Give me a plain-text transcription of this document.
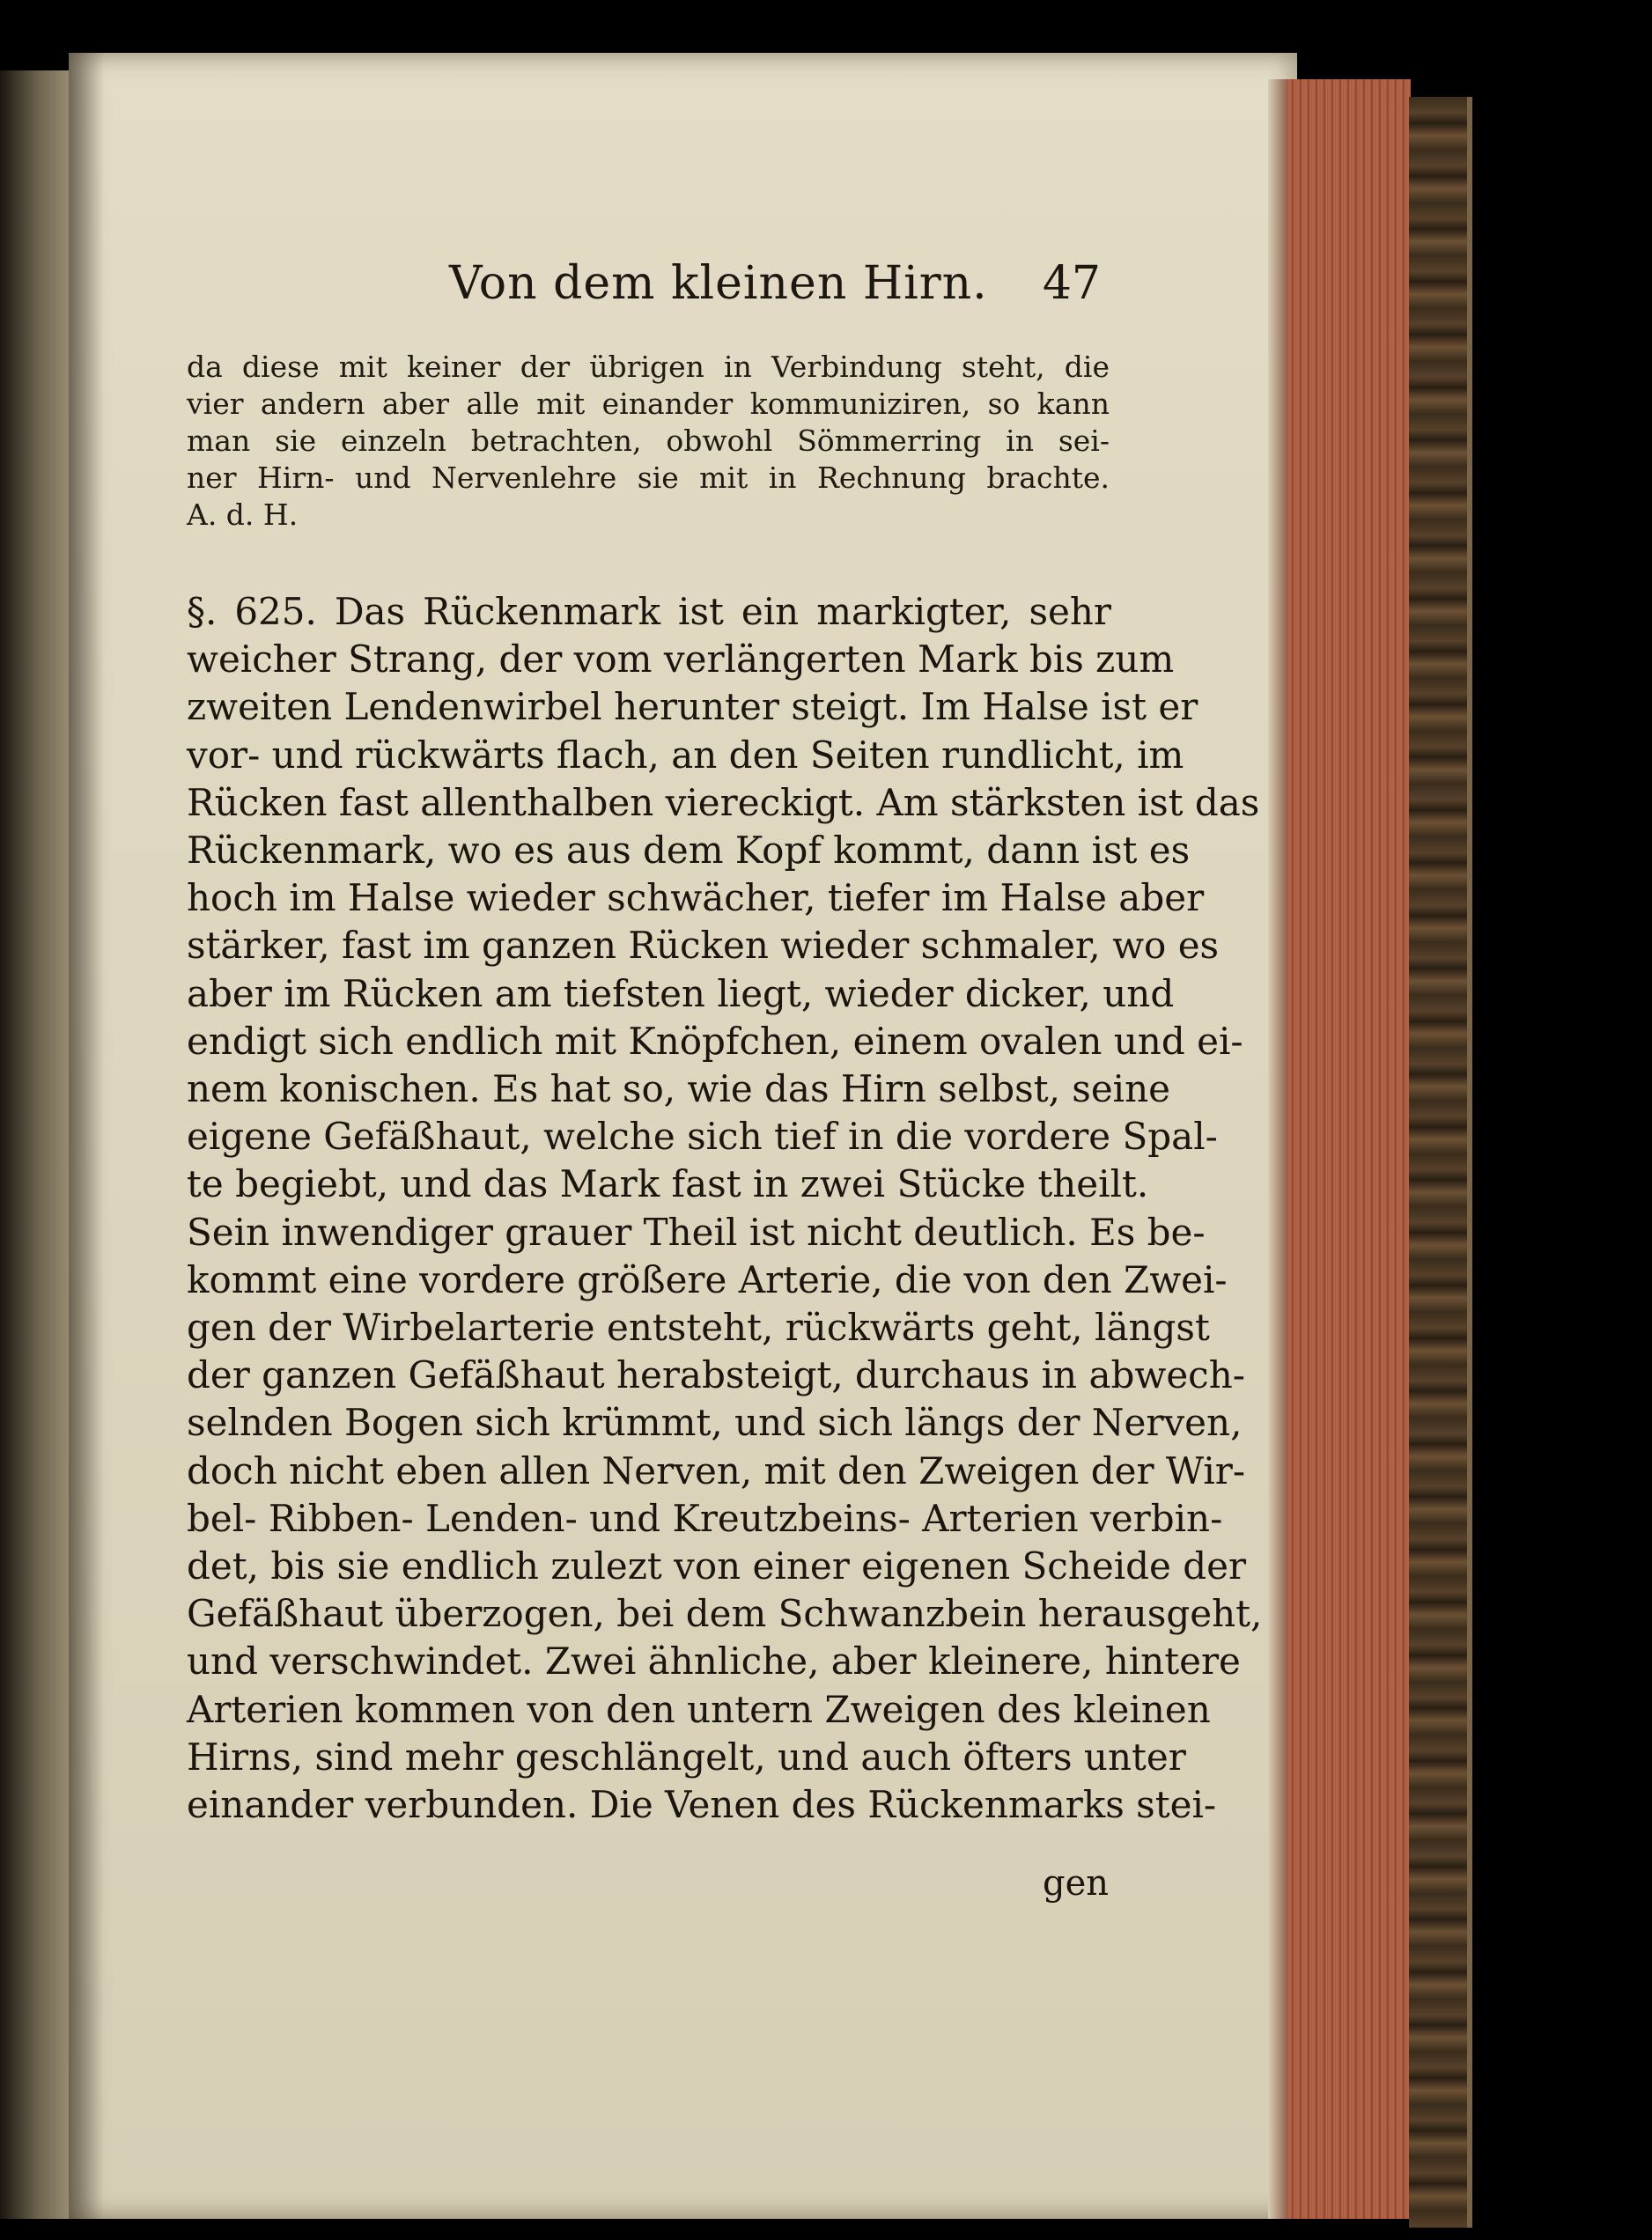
Von dem kleinen Hirn. 47
da diese mit keiner der übrigen in Verbindung steht, die
vier andern aber alle mit einander kommuniziren, so kann
man sie einzeln betrachten, obwohl Sömmerring in sei-
ner Hirn- und Nervenlehre sie mit in Rechnung brachte.
A. d. H.
§. 625. Das Rückenmark ist ein markigter, sehr
weicher Strang, der vom verlängerten Mark bis zum
zweiten Lendenwirbel herunter steigt. Im Halse ist er
vor- und rückwärts flach, an den Seiten rundlicht, im
Rücken fast allenthalben viereckigt. Am stärksten ist das
Rückenmark, wo es aus dem Kopf kommt, dann ist es
hoch im Halse wieder schwächer, tiefer im Halse aber
stärker, fast im ganzen Rücken wieder schmaler, wo es
aber im Rücken am tiefsten liegt, wieder dicker, und
endigt sich endlich mit Knöpfchen, einem ovalen und ei-
nem konischen. Es hat so, wie das Hirn selbst, seine
eigene Gefäßhaut, welche sich tief in die vordere Spal-
te begiebt, und das Mark fast in zwei Stücke theilt.
Sein inwendiger grauer Theil ist nicht deutlich. Es be-
kommt eine vordere größere Arterie, die von den Zwei-
gen der Wirbelarterie entsteht, rückwärts geht, längst
der ganzen Gefäßhaut herabsteigt, durchaus in abwech-
selnden Bogen sich krümmt, und sich längs der Nerven,
doch nicht eben allen Nerven, mit den Zweigen der Wir-
bel- Ribben- Lenden- und Kreutzbeins- Arterien verbin-
det, bis sie endlich zulezt von einer eigenen Scheide der
Gefäßhaut überzogen, bei dem Schwanzbein herausgeht,
und verschwindet. Zwei ähnliche, aber kleinere, hintere
Arterien kommen von den untern Zweigen des kleinen
Hirns, sind mehr geschlängelt, und auch öfters unter
einander verbunden. Die Venen des Rückenmarks stei-
gen
